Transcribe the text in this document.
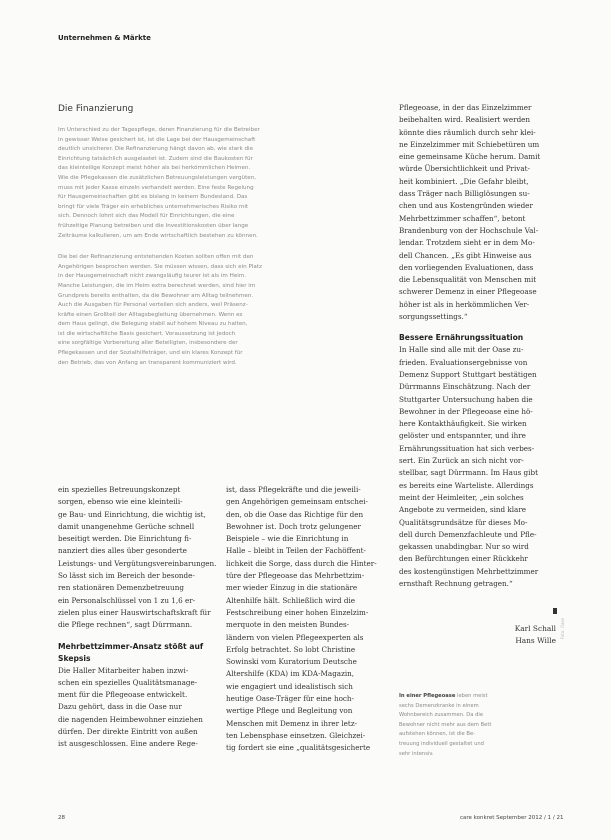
Unternehmen & Märkte
Die Finanzierung
Im Unterschied zu der Tagespflege, deren Finanzierung für die Betreiber
in gewisser Weise gesichert ist, ist die Lage bei der Hausgemeinschaft
deutlich unsicherer. Die Refinanzierung hängt davon ab, wie stark die
Einrichtung tatsächlich ausgelastet ist. Zudem sind die Baukosten für
das kleinteilige Konzept meist höher als bei herkömmlichen Heimen.
Wie die Pflegekassen die zusätzlichen Betreuungsleistungen vergüten,
muss mit jeder Kasse einzeln verhandelt werden. Eine feste Regelung
für Hausgemeinschaften gibt es bislang in keinem Bundesland. Das
bringt für viele Träger ein erhebliches unternehmerisches Risiko mit
sich. Dennoch lohnt sich das Modell für Einrichtungen, die eine
frühzeitige Planung betreiben und die Investitionskosten über lange
Zeiträume kalkulieren, um am Ende wirtschaftlich bestehen zu können.
Die bei der Refinanzierung entstehenden Kosten sollten offen mit den
Angehörigen besprochen werden. Sie müssen wissen, dass sich ein Platz
in der Hausgemeinschaft nicht zwangsläufig teurer ist als im Heim.
Manche Leistungen, die im Heim extra berechnet werden, sind hier im
Grundpreis bereits enthalten, da die Bewohner am Alltag teilnehmen.
Auch die Ausgaben für Personal verteilen sich anders, weil Präsenz-
kräfte einen Großteil der Alltagsbegleitung übernehmen. Wenn es
dem Haus gelingt, die Belegung stabil auf hohem Niveau zu halten,
ist die wirtschaftliche Basis gesichert. Voraussetzung ist jedoch
eine sorgfältige Vorbereitung aller Beteiligten, insbesondere der
Pflegekassen und der Sozialhilfeträger, und ein klares Konzept für
den Betrieb, das von Anfang an transparent kommuniziert wird.
ein spezielles Betreuungskonzept
sorgen, ebenso wie eine kleinteili-
ge Bau- und Einrichtung, die wichtig ist,
damit unangenehme Gerüche schnell
beseitigt werden. Die Einrichtung fi-
nanziert dies alles über gesonderte
Leistungs- und Vergütungsvereinbarungen.
So lässt sich im Bereich der besonde-
ren stationären Demenzbetreuung
ein Personalschlüssel von 1 zu 1,6 er-
zielen plus einer Hauswirtschaftskraft für
die Pflege rechnen“, sagt Dürrmann.
Mehrbettzimmer-Ansatz stößt auf
Skepsis
Die Haller Mitarbeiter haben inzwi-
schen ein spezielles Qualitätsmanage-
ment für die Pflegeoase entwickelt.
Dazu gehört, dass in die Oase nur
die nagenden Heimbewohner einziehen
dürfen. Der direkte Eintritt von außen
ist ausgeschlossen. Eine andere Rege-
ist, dass Pflegekräfte und die jeweili-
gen Angehörigen gemeinsam entschei-
den, ob die Oase das Richtige für den
Bewohner ist. Doch trotz gelungener
Beispiele – wie die Einrichtung in
Halle – bleibt in Teilen der Fachöffent-
lichkeit die Sorge, dass durch die Hinter-
türe der Pflegeoase das Mehrbettzim-
mer wieder Einzug in die stationäre
Altenhilfe hält. Schließlich wird die
Festschreibung einer hohen Einzelzim-
merquote in den meisten Bundes-
ländern von vielen Pflegeexperten als
Erfolg betrachtet. So lobt Christine
Sowinski vom Kuratorium Deutsche
Altershilfe (KDA) im KDA-Magazin,
wie engagiert und idealistisch sich
heutige Oase-Träger für eine hoch-
wertige Pflege und Begleitung von
Menschen mit Demenz in ihrer letz-
ten Lebensphase einsetzen. Gleichzei-
tig fordert sie eine „qualitätsgesicherte
Pflegeoase, in der das Einzelzimmer
beibehalten wird. Realisiert werden
könnte dies räumlich durch sehr klei-
ne Einzelzimmer mit Schiebetüren um
eine gemeinsame Küche herum. Damit
würde Übersichtlichkeit und Privat-
heit kombiniert. „Die Gefahr bleibt,
dass Träger nach Billiglösungen su-
chen und aus Kostengründen wieder
Mehrbettzimmer schaffen“, betont
Brandenburg von der Hochschule Val-
lendar. Trotzdem sieht er in dem Mo-
dell Chancen. „Es gibt Hinweise aus
den vorliegenden Evaluationen, dass
die Lebensqualität von Menschen mit
schwerer Demenz in einer Pflegeoase
höher ist als in herkömmlichen Ver-
sorgungssettings.“
Bessere Ernährungssituation
In Halle sind alle mit der Oase zu-
frieden. Evaluationsergebnisse von
Demenz Support Stuttgart bestätigen
Dürrmanns Einschätzung. Nach der
Stuttgarter Untersuchung haben die
Bewohner in der Pflegeoase eine hö-
here Kontakthäufigkeit. Sie wirken
gelöster und entspannter, und ihre
Ernährungssituation hat sich verbes-
sert. Ein Zurück an sich nicht vor-
stellbar, sagt Dürrmann. Im Haus gibt
es bereits eine Warteliste. Allerdings
meint der Heimleiter, „ein solches
Angebote zu vermeiden, sind klare
Qualitätsgrundsätze für dieses Mo-
dell durch Demenzfachleute und Pfle-
gekassen unabdingbar. Nur so wird
den Befürchtungen einer Rückkehr
des kostengünstigen Mehrbettzimmer
ernsthaft Rechnung getragen.“
Karl Schall
Hans Wille
Foto: Oase
In einer Pflegeoase leben meist
sechs Demenzkranke in einem
Wohnbereich zusammen. Da die
Bewohner nicht mehr aus dem Bett
aufstehen können, ist die Be-
treuung individuell gestaltet und
sehr intensiv.
28	care konkret September 2012 / 1 / 21
